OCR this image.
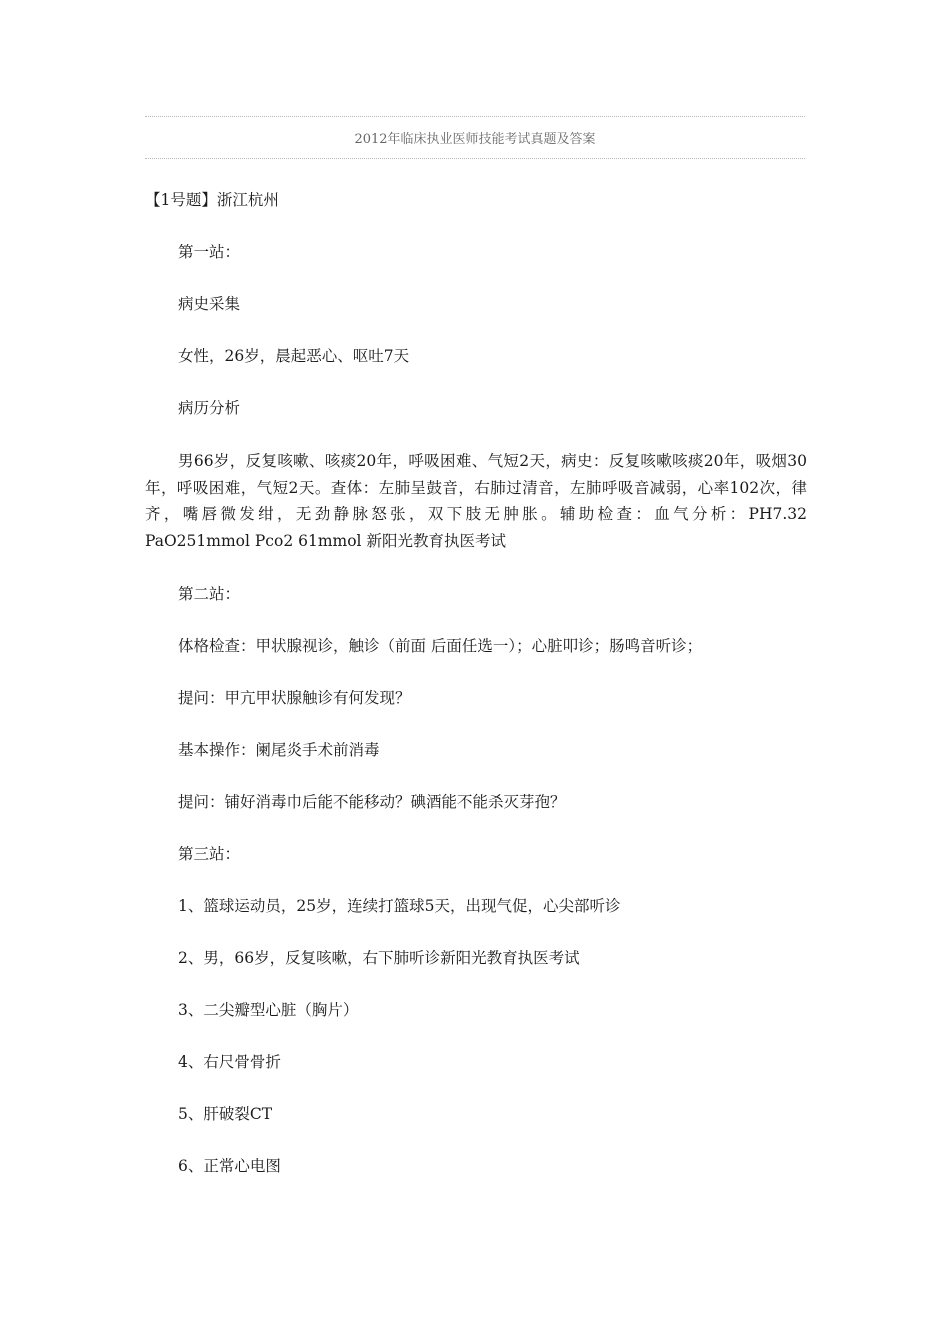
2012年临床执业医师技能考试真题及答案

【1号题】浙江杭州

第一站：

病史采集

女性，26岁，晨起恶心、呕吐7天

病历分析

男66岁，反复咳嗽、咳痰20年，呼吸困难、气短2天，病史：反复咳嗽咳痰20年，吸烟30年，呼吸困难，气短2天。查体：左肺呈鼓音，右肺过清音，左肺呼吸音减弱，心率102次，律齐，嘴唇微发绀，无劲静脉怒张，双下肢无肿胀。辅助检查：血气分析：PH7.32 PaO251mmol Pco2 61mmol 新阳光教育执医考试

第二站：

体格检查：甲状腺视诊，触诊（前面 后面任选一）；心脏叩诊；肠鸣音听诊；

提问：甲亢甲状腺触诊有何发现？

基本操作：阑尾炎手术前消毒

提问：铺好消毒巾后能不能移动？碘酒能不能杀灭芽孢？

第三站：

1、篮球运动员，25岁，连续打篮球5天，出现气促，心尖部听诊

2、男，66岁，反复咳嗽，右下肺听诊新阳光教育执医考试

3、二尖瓣型心脏（胸片）

4、右尺骨骨折

5、肝破裂CT

6、正常心电图
